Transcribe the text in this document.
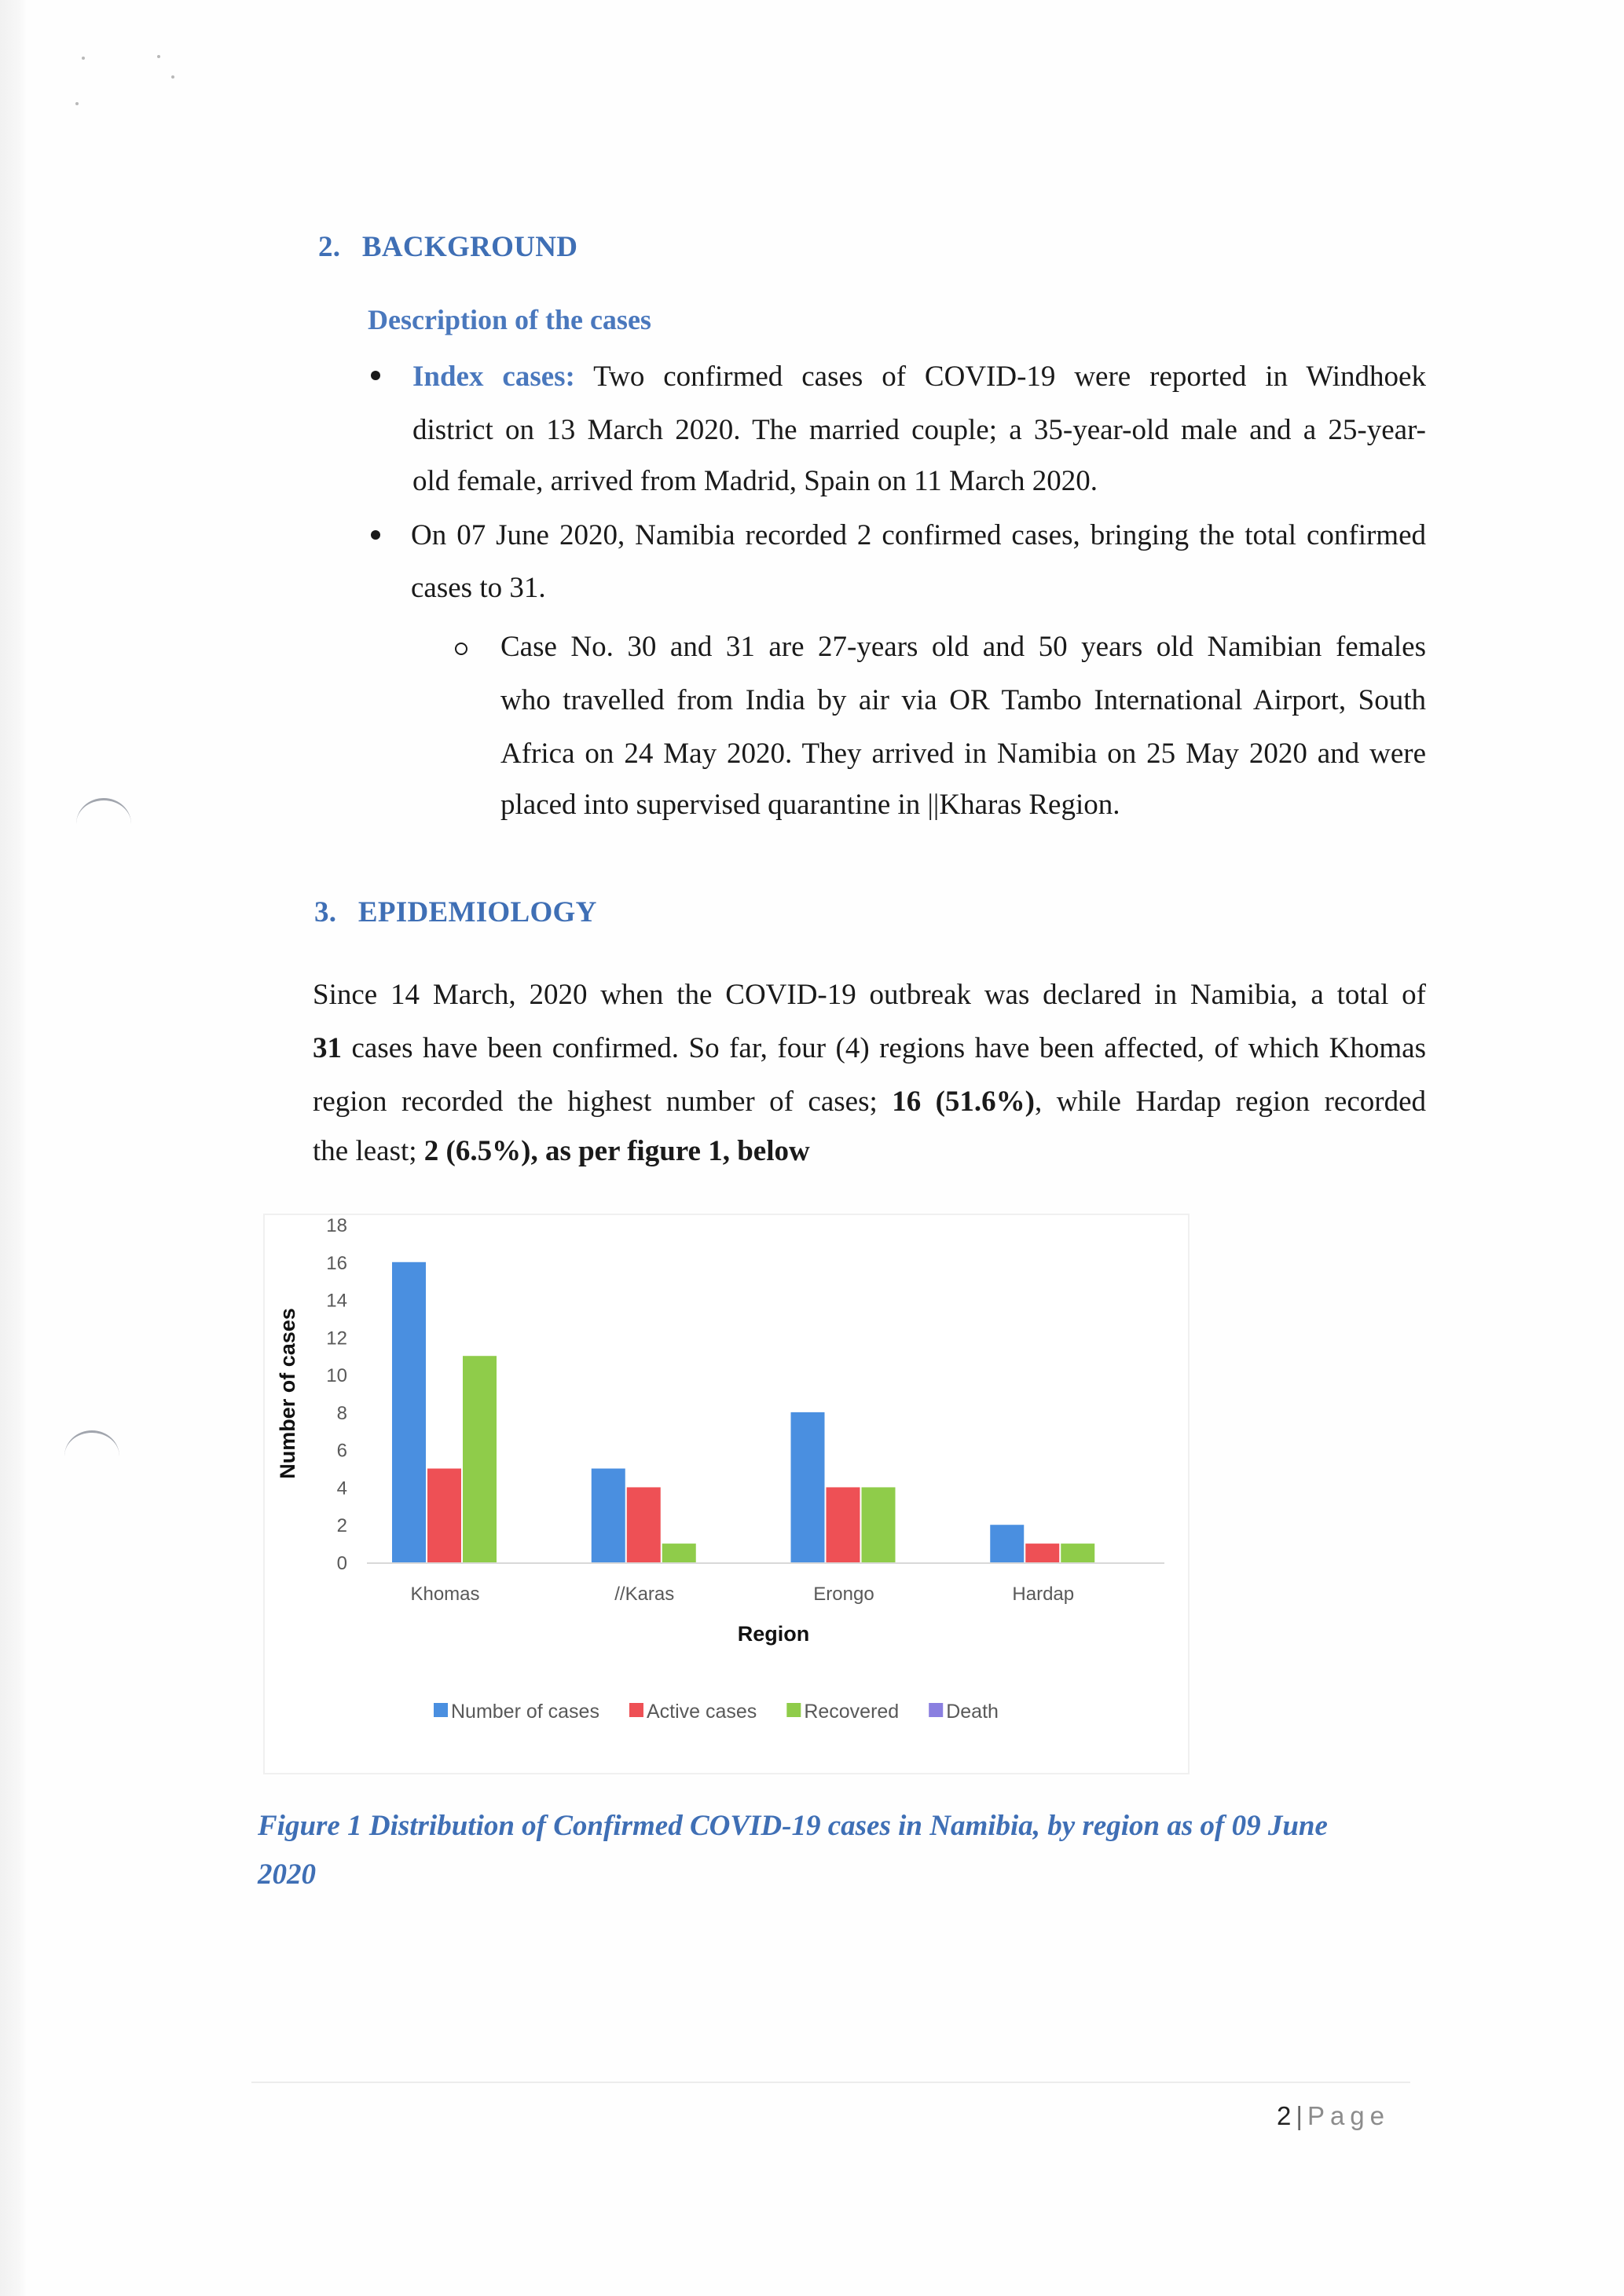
2. BACKGROUND
Description of the cases
Index cases: Two confirmed cases of COVID-19 were reported in Windhoek
district on 13 March 2020. The married couple; a 35-year-old male and a 25-year-
old female, arrived from Madrid, Spain on 11 March 2020.
On 07 June 2020, Namibia recorded 2 confirmed cases, bringing the total confirmed
cases to 31.
Case No. 30 and 31 are 27-years old and 50 years old Namibian females
who travelled from India by air via OR Tambo International Airport, South
Africa on 24 May 2020. They arrived in Namibia on 25 May 2020 and were
placed into supervised quarantine in ||Kharas Region.
3. EPIDEMIOLOGY
Since 14 March, 2020 when the COVID-19 outbreak was declared in Namibia, a total of
31 cases have been confirmed. So far, four (4) regions have been affected, of which Khomas
region recorded the highest number of cases; 16 (51.6%), while Hardap region recorded
the least; 2 (6.5%), as per figure 1, below
0
2
4
6
8
10
12
14
16
18
Khomas	//Karas	Erongo	Hardap
Number of cases
Region
Number of cases Active cases Recovered Death
Figure 1 Distribution of Confirmed COVID-19 cases in Namibia, by region as of 09 June
2020
2 | Page
